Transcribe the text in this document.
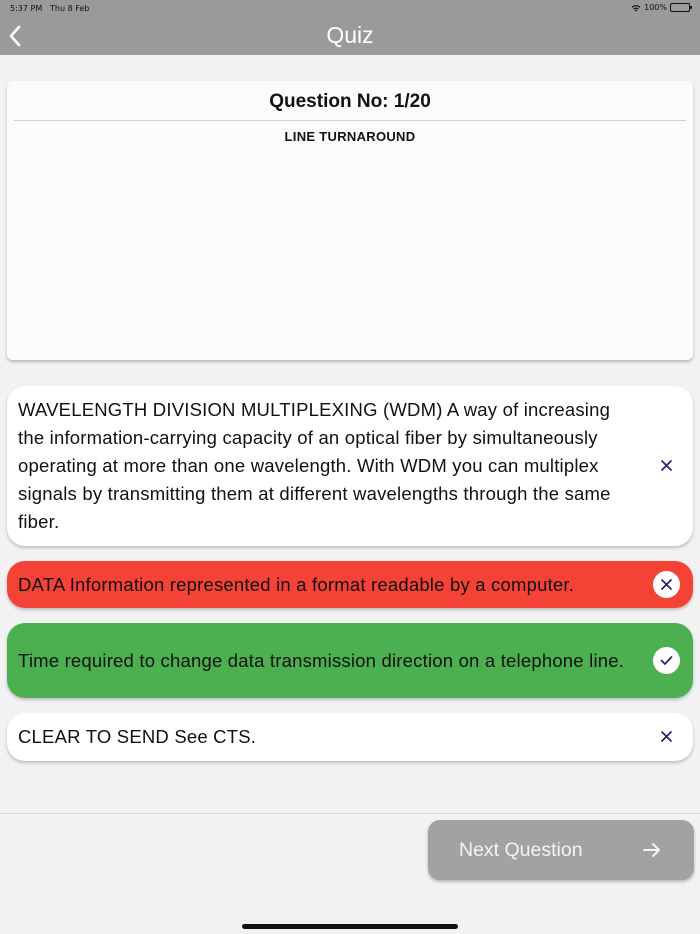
5:37 PM Thu 8 Feb	100%
Quiz
Question No: 1/20
LINE TURNAROUND
WAVELENGTH DIVISION MULTIPLEXING (WDM) A way of increasing the information-carrying capacity of an optical fiber by simultaneously operating at more than one wavelength. With WDM you can multiplex signals by transmitting them at different wavelengths through the same fiber.
DATA Information represented in a format readable by a computer.
Time required to change data transmission direction on a telephone line.
CLEAR TO SEND See CTS.
Next Question
